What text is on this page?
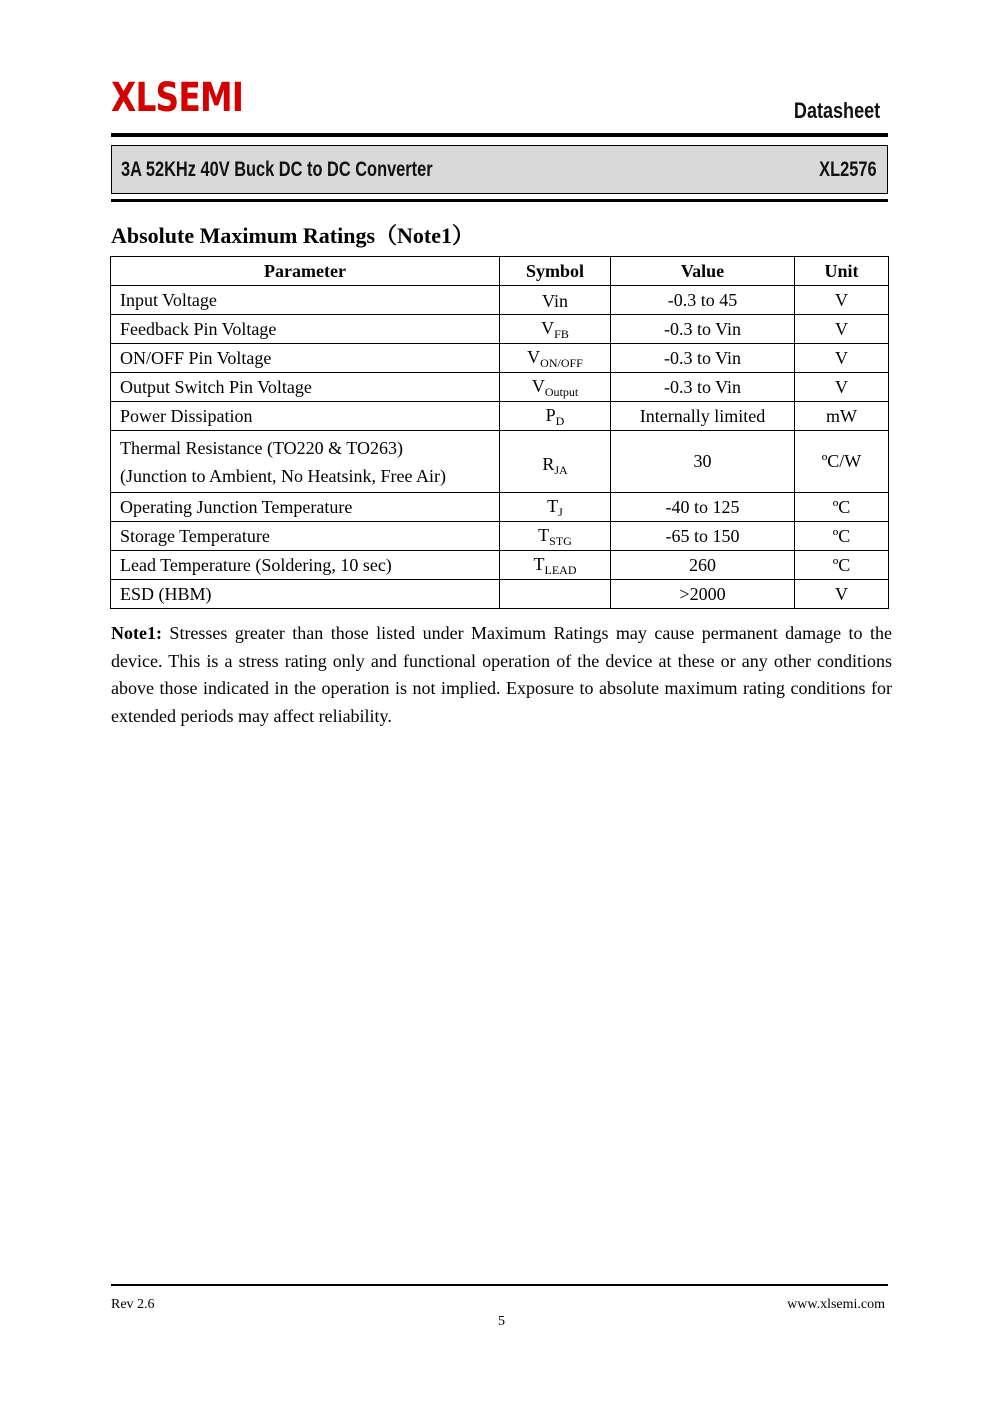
XLSEMI	Datasheet
3A 52KHz 40V Buck DC to DC Converter	XL2576
Absolute Maximum Ratings（Note1）
Parameter	Symbol	Value	Unit
Input Voltage	Vin	-0.3 to 45	V
Feedback Pin Voltage	$V_{FB}$	-0.3 to Vin	V
ON/OFF Pin Voltage	$V_{ON/OFF}$	-0.3 to Vin	V
Output Switch Pin Voltage	$V_{Output}$	-0.3 to Vin	V
Power Dissipation	$P_D$	Internally limited	mW
Thermal Resistance (TO220 & TO263)
(Junction to Ambient, No Heatsink, Free Air)	$R_{JA}$	30	ºC/W
Operating Junction Temperature	$T_J$	-40 to 125	ºC
Storage Temperature	$T_{STG}$	-65 to 150	ºC
Lead Temperature (Soldering, 10 sec)	$T_{LEAD}$	260	ºC
ESD (HBM)		>2000	V
Note1: Stresses greater than those listed under Maximum Ratings may cause permanent damage to the device. This is a stress rating only and functional operation of the device at these or any other conditions above those indicated in the operation is not implied. Exposure to absolute maximum rating conditions for extended periods may affect reliability.
Rev 2.6	www.xlsemi.com
5
